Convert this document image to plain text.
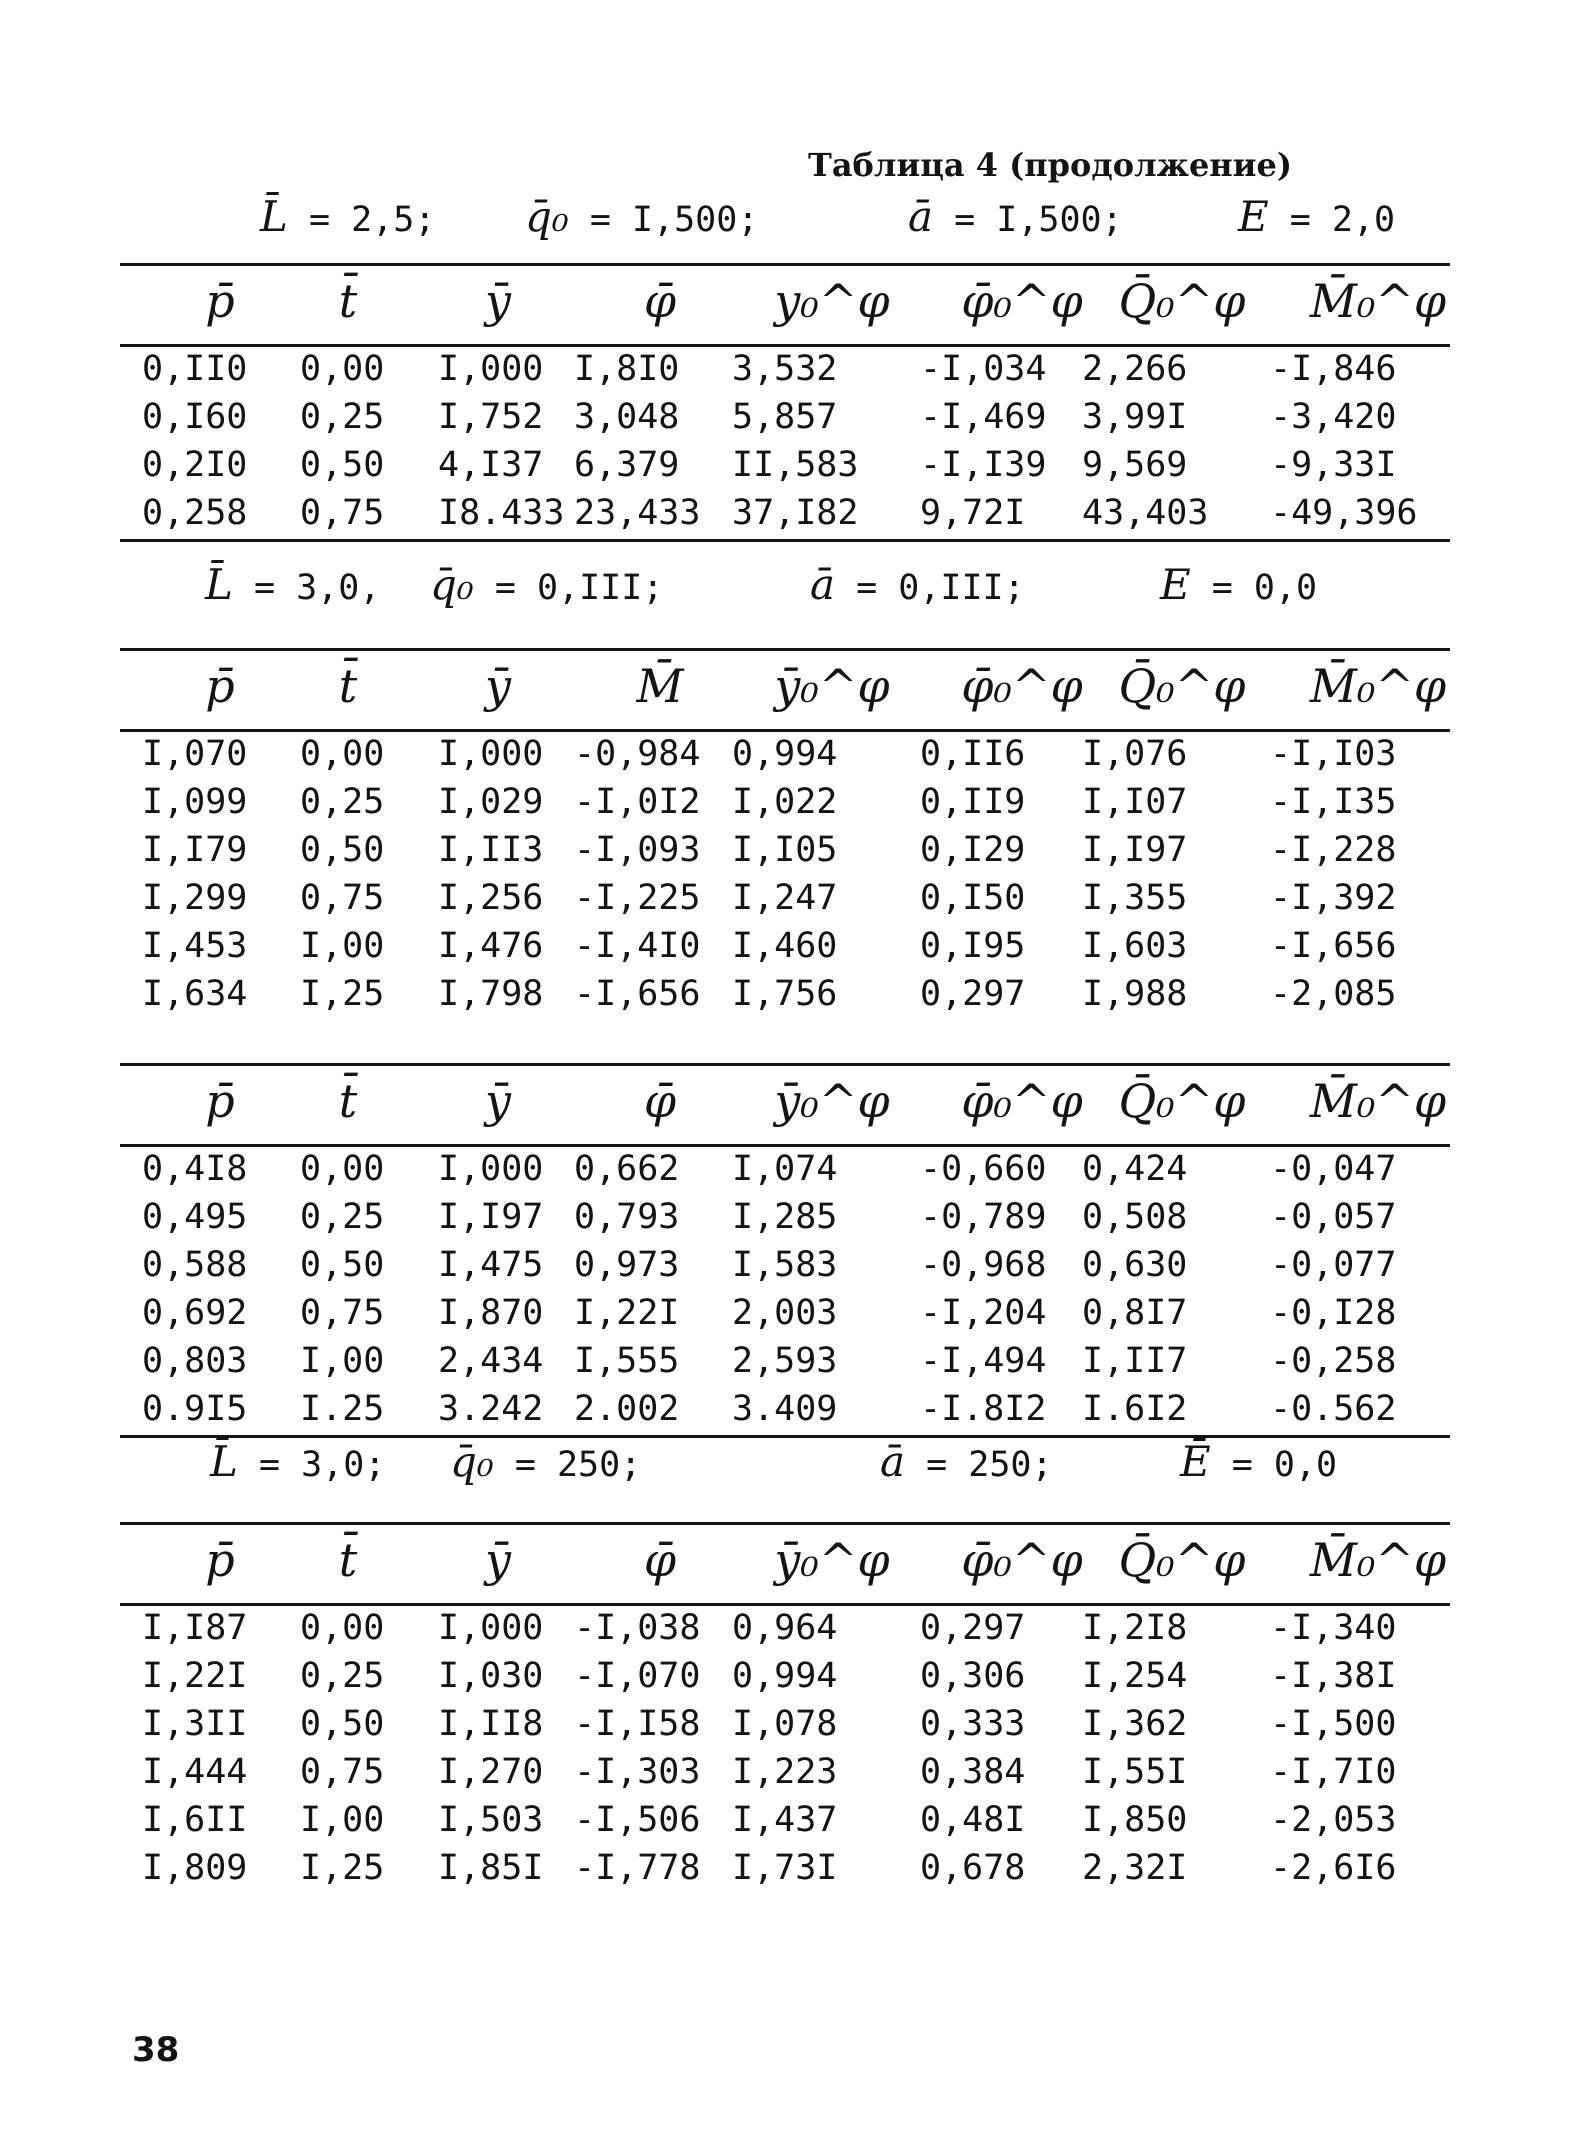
Таблица 4 (продолжение)
L̄ = 2,5; q̄₀ = I,500;	ā = I,500;	E = 2,0
p̄ t̄	ȳ	φ̄ y₀^φ φ̄₀^φ Q̄₀^φ M̄₀^φ
0,II0 0,00 I,000 I,8I0 3,532 -I,034 2,266 -I,846
0,I60 0,25 I,752 3,048 5,857 -I,469 3,99I -3,420
0,2I0 0,50 4,I37 6,379 II,583 -I,I39 9,569 -9,33I
0,258 0,75 I8.433 23,433 37,I82 9,72I 43,403 -49,396
L̄ = 3,0, q̄₀ = 0,III;	ā = 0,III;	E = 0,0
p̄ t̄	ȳ	M̄ ȳ₀^φ φ̄₀^φ Q̄₀^φ M̄₀^φ
I,070 0,00 I,000 -0,984 0,994 0,II6 I,076 -I,I03
I,099 0,25 I,029 -I,0I2 I,022 0,II9 I,I07 -I,I35
I,I79 0,50 I,II3 -I,093 I,I05 0,I29 I,I97 -I,228
I,299 0,75 I,256 -I,225 I,247 0,I50 I,355 -I,392
I,453 I,00 I,476 -I,4I0 I,460 0,I95 I,603 -I,656
I,634 I,25 I,798 -I,656 I,756 0,297 I,988 -2,085
p̄ t̄	ȳ	φ̄ ȳ₀^φ φ̄₀^φ Q̄₀^φ M̄₀^φ
0,4I8 0,00 I,000 0,662 I,074 -0,660 0,424 -0,047
0,495 0,25 I,I97 0,793 I,285 -0,789 0,508 -0,057
0,588 0,50 I,475 0,973 I,583 -0,968 0,630 -0,077
0,692 0,75 I,870 I,22I 2,003 -I,204 0,8I7 -0,I28
0,803 I,00 2,434 I,555 2,593 -I,494 I,II7 -0,258
0.9I5 I.25 3.242 2.002 3.409 -I.8I2 I.6I2 -0.562
L̄ = 3,0; q̄₀ = 250;	ā = 250;	Ē = 0,0
p̄ t̄	ȳ	φ̄ ȳ₀^φ φ̄₀^φ Q̄₀^φ M̄₀^φ
I,I87 0,00 I,000 -I,038 0,964 0,297 I,2I8 -I,340
I,22I 0,25 I,030 -I,070 0,994 0,306 I,254 -I,38I
I,3II 0,50 I,II8 -I,I58 I,078 0,333 I,362 -I,500
I,444 0,75 I,270 -I,303 I,223 0,384 I,55I -I,7I0
I,6II I,00 I,503 -I,506 I,437 0,48I I,850 -2,053
I,809 I,25 I,85I -I,778 I,73I 0,678 2,32I -2,6I6
38
